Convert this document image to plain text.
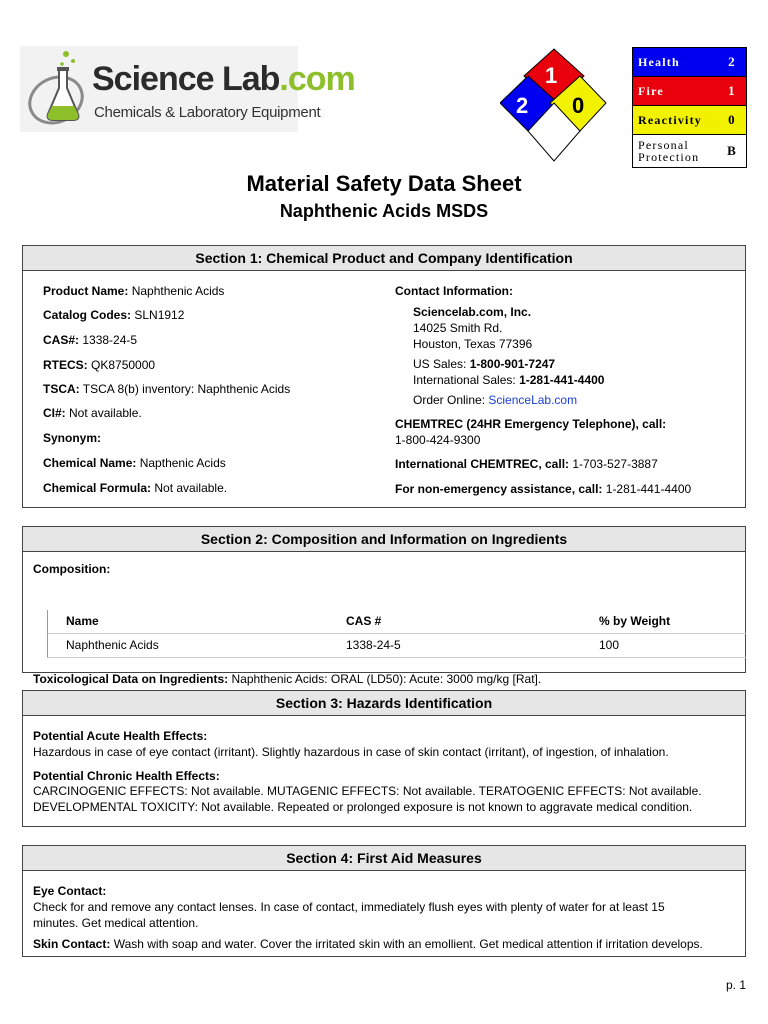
Science Lab.com
Chemicals & Laboratory Equipment
1
2 0
Health	2
Fire	1
Reactivity	0
Personal
Protection	B
Material Safety Data Sheet
Naphthenic Acids MSDS
Section 1: Chemical Product and Company Identification
Product Name: Naphthenic Acids
Catalog Codes: SLN1912
CAS#: 1338-24-5
RTECS: QK8750000
TSCA: TSCA 8(b) inventory: Naphthenic Acids
CI#: Not available.
Synonym:
Chemical Name: Napthenic Acids
Chemical Formula: Not available.
Contact Information:
Sciencelab.com, Inc.
14025 Smith Rd.
Houston, Texas 77396
US Sales: 1-800-901-7247
International Sales: 1-281-441-4400
Order Online: ScienceLab.com
CHEMTREC (24HR Emergency Telephone), call:
1-800-424-9300
International CHEMTREC, call: 1-703-527-3887
For non-emergency assistance, call: 1-281-441-4400
Section 2: Composition and Information on Ingredients
Composition:
Name	CAS #	% by Weight
Naphthenic Acids	1338-24-5	100
Toxicological Data on Ingredients: Naphthenic Acids: ORAL (LD50): Acute: 3000 mg/kg [Rat].
Section 3: Hazards Identification
Potential Acute Health Effects:
Hazardous in case of eye contact (irritant). Slightly hazardous in case of skin contact (irritant), of ingestion, of inhalation.
Potential Chronic Health Effects:
CARCINOGENIC EFFECTS: Not available. MUTAGENIC EFFECTS: Not available. TERATOGENIC EFFECTS: Not available.
DEVELOPMENTAL TOXICITY: Not available. Repeated or prolonged exposure is not known to aggravate medical condition.
Section 4: First Aid Measures
Eye Contact:
Check for and remove any contact lenses. In case of contact, immediately flush eyes with plenty of water for at least 15
minutes. Get medical attention.
Skin Contact: Wash with soap and water. Cover the irritated skin with an emollient. Get medical attention if irritation develops.
p. 1
